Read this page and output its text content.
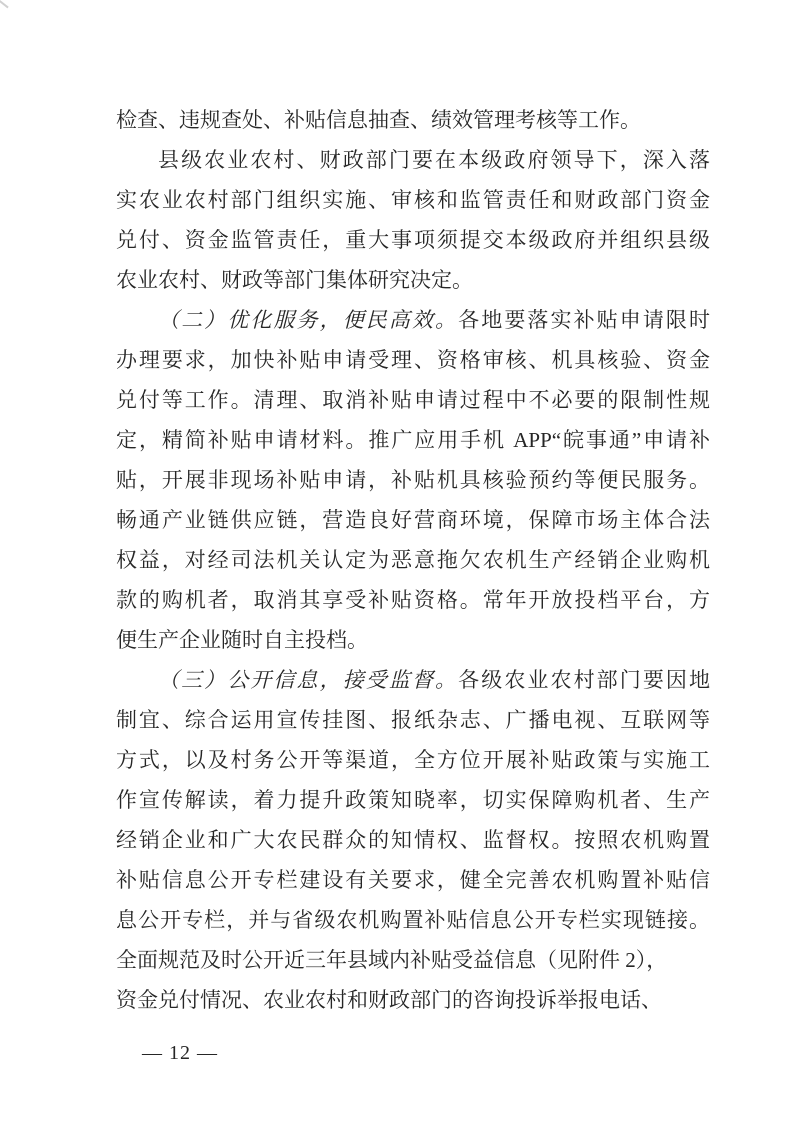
检查、违规查处、补贴信息抽查、绩效管理考核等工作。
县级农业农村、财政部门要在本级政府领导下，深入落
实农业农村部门组织实施、审核和监管责任和财政部门资金
兑付、资金监管责任，重大事项须提交本级政府并组织县级
农业农村、财政等部门集体研究决定。
（二）优化服务，便民高效。各地要落实补贴申请限时
办理要求，加快补贴申请受理、资格审核、机具核验、资金
兑付等工作。清理、取消补贴申请过程中不必要的限制性规
定，精简补贴申请材料。推广应用手机 APP“皖事通”申请补
贴，开展非现场补贴申请，补贴机具核验预约等便民服务。
畅通产业链供应链，营造良好营商环境，保障市场主体合法
权益，对经司法机关认定为恶意拖欠农机生产经销企业购机
款的购机者，取消其享受补贴资格。常年开放投档平台，方
便生产企业随时自主投档。
（三）公开信息，接受监督。各级农业农村部门要因地
制宜、综合运用宣传挂图、报纸杂志、广播电视、互联网等
方式，以及村务公开等渠道，全方位开展补贴政策与实施工
作宣传解读，着力提升政策知晓率，切实保障购机者、生产
经销企业和广大农民群众的知情权、监督权。按照农机购置
补贴信息公开专栏建设有关要求，健全完善农机购置补贴信
息公开专栏，并与省级农机购置补贴信息公开专栏实现链接。
全面规范及时公开近三年县域内补贴受益信息（见附件 2），
资金兑付情况、农业农村和财政部门的咨询投诉举报电话、
— 12 —
